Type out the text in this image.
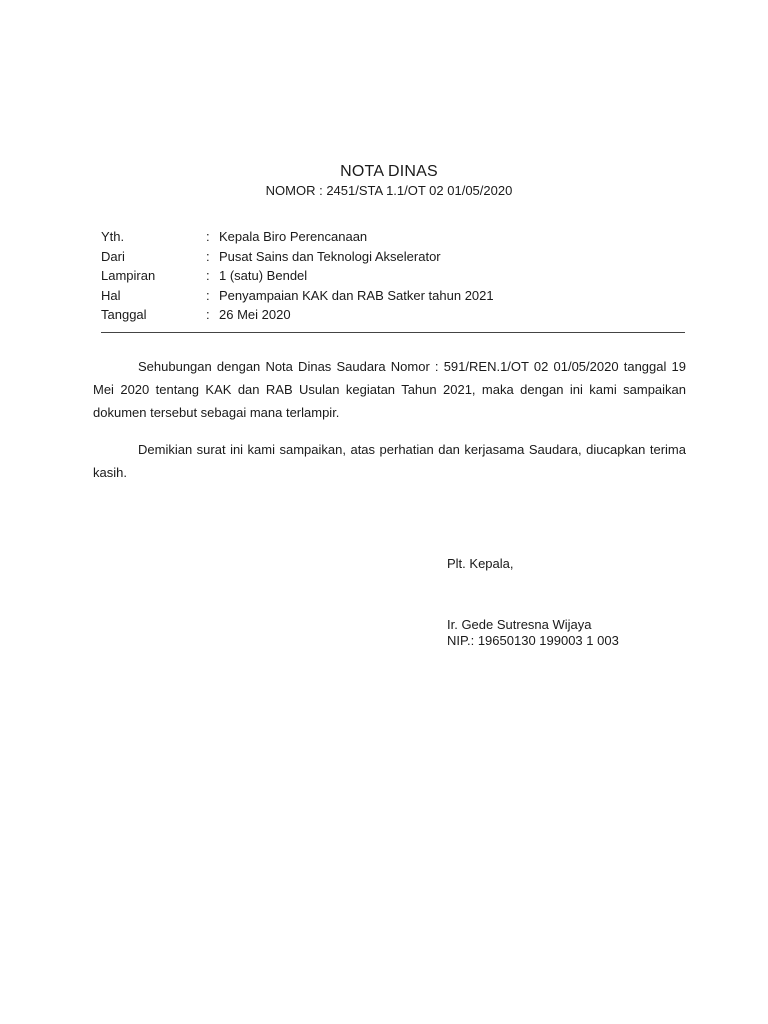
NOTA DINAS
NOMOR : 2451/STA 1.1/OT 02 01/05/2020
Yth.	: Kepala Biro Perencanaan
Dari	: Pusat Sains dan Teknologi Akselerator
Lampiran	: 1 (satu) Bendel
Hal	: Penyampaian KAK dan RAB Satker tahun 2021
Tanggal	: 26 Mei 2020

Sehubungan dengan Nota Dinas Saudara Nomor : 591/REN.1/OT 02 01/05/2020 tanggal 19 Mei 2020 tentang KAK dan RAB Usulan kegiatan Tahun 2021, maka dengan ini kami sampaikan dokumen tersebut sebagai mana terlampir.

Demikian surat ini kami sampaikan, atas perhatian dan kerjasama Saudara, diucapkan terima kasih.

Plt. Kepala,
Ir. Gede Sutresna Wijaya
NIP.: 19650130 199003 1 003
